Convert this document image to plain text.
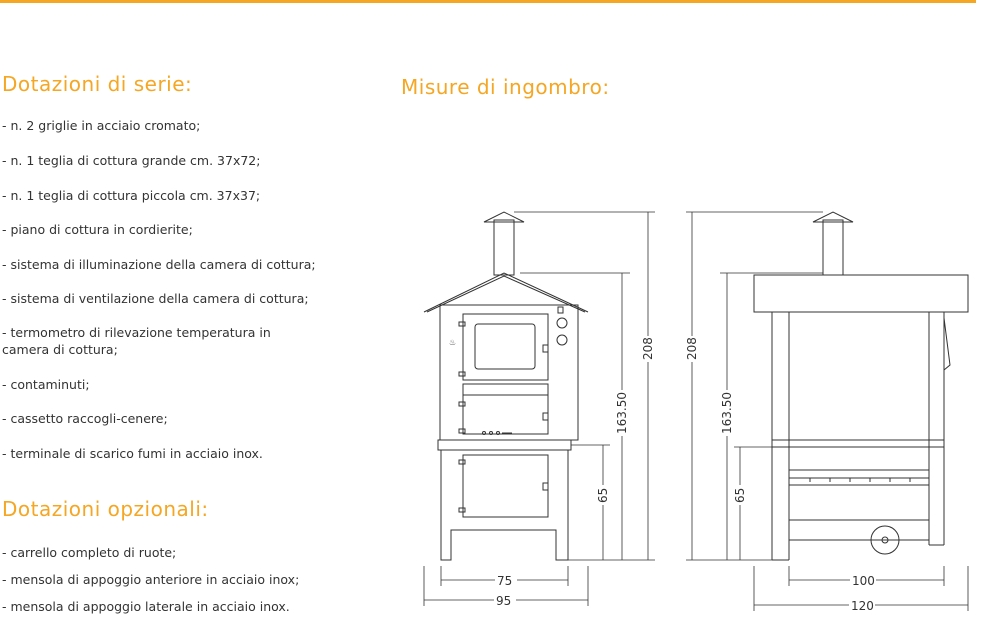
Dotazioni di serie:
- n. 2 griglie in acciaio cromato;
- n. 1 teglia di cottura grande cm. 37x72;
- n. 1 teglia di cottura piccola cm. 37x37;
- piano di cottura in cordierite;
- sistema di illuminazione della camera di cottura;
- sistema di ventilazione della camera di cottura;
- termometro di rilevazione temperatura in camera di cottura;
- contaminuti;
- cassetto raccogli-cenere;
- terminale di scarico fumi in acciaio inox.
Dotazioni opzionali:
- carrello completo di ruote;
- mensola di appoggio anteriore in acciaio inox;
- mensola di appoggio laterale in acciaio inox.
Misure di ingombro:
♨	208
163.50
65
75
95
208
163.50
65
100
120
